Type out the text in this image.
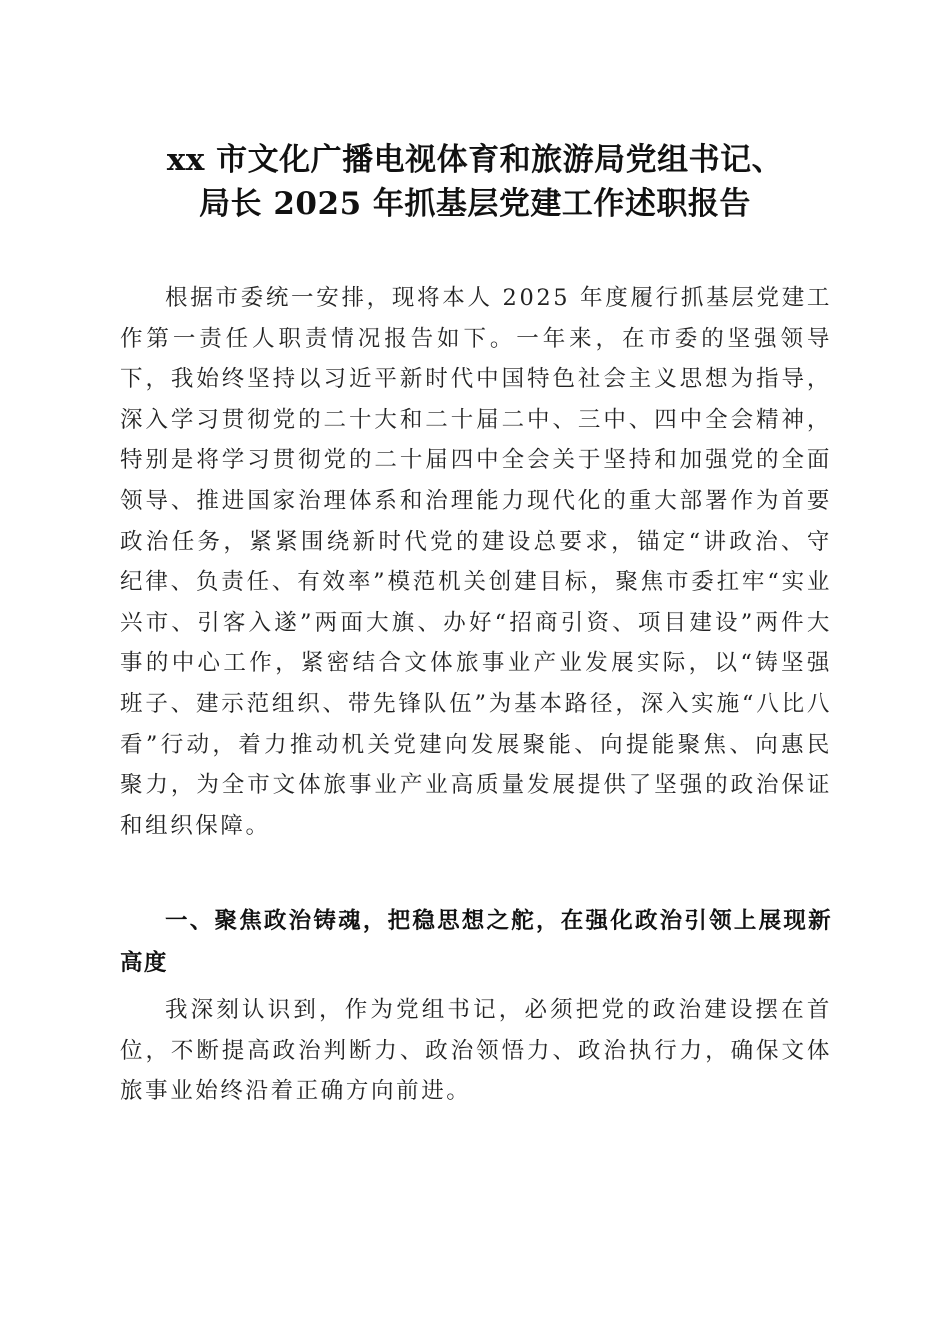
xx 市文化广播电视体育和旅游局党组书记、
局长 2025 年抓基层党建工作述职报告
根据市委统一安排，现将本人 2025 年度履行抓基层党建工作第一责任人职责情况报告如下。一年来，在市委的坚强领导下，我始终坚持以习近平新时代中国特色社会主义思想为指导，深入学习贯彻党的二十大和二十届二中、三中、四中全会精神，特别是将学习贯彻党的二十届四中全会关于坚持和加强党的全面领导、推进国家治理体系和治理能力现代化的重大部署作为首要政治任务，紧紧围绕新时代党的建设总要求，锚定“讲政治、守纪律、负责任、有效率”模范机关创建目标，聚焦市委扛牢“实业兴市、引客入遂”两面大旗、办好“招商引资、项目建设”两件大事的中心工作，紧密结合文体旅事业产业发展实际，以“铸坚强班子、建示范组织、带先锋队伍”为基本路径，深入实施“八比八看”行动，着力推动机关党建向发展聚能、向提能聚焦、向惠民聚力，为全市文体旅事业产业高质量发展提供了坚强的政治保证和组织保障。
一、聚焦政治铸魂，把稳思想之舵，在强化政治引领上展现新高度
我深刻认识到，作为党组书记，必须把党的政治建设摆在首位，不断提高政治判断力、政治领悟力、政治执行力，确保文体旅事业始终沿着正确方向前进。
